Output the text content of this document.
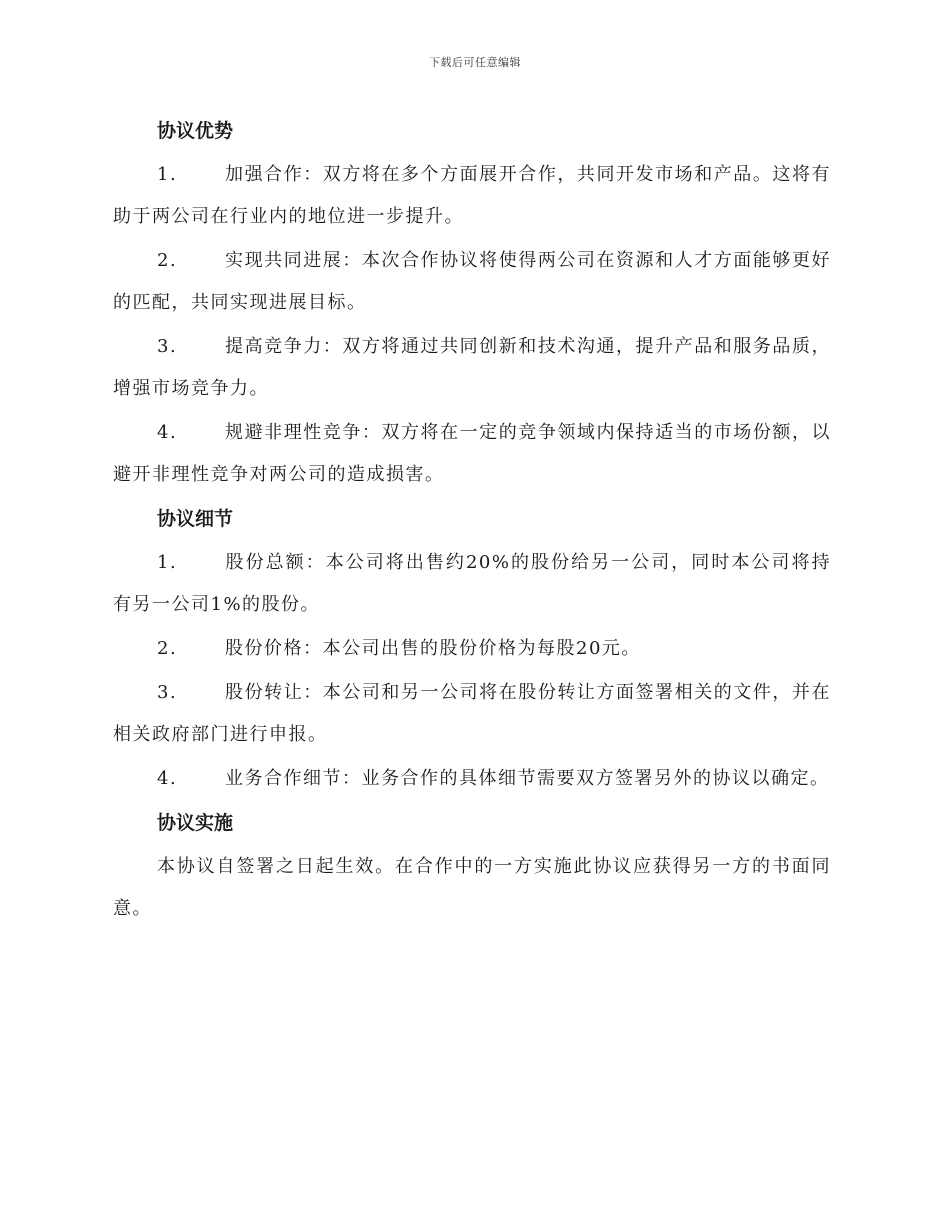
下载后可任意编辑
协议优势

1.	加强合作：双方将在多个方面展开合作，共同开发市场和产品。这将有助于两公司在行业内的地位进一步提升。

2.	实现共同进展：本次合作协议将使得两公司在资源和人才方面能够更好的匹配，共同实现进展目标。

3.	提高竞争力：双方将通过共同创新和技术沟通，提升产品和服务品质，增强市场竞争力。

4.	规避非理性竞争：双方将在一定的竞争领域内保持适当的市场份额，以避开非理性竞争对两公司的造成损害。

协议细节

1.	股份总额：本公司将出售约20%的股份给另一公司，同时本公司将持有另一公司1%的股份。

2.	股份价格：本公司出售的股份价格为每股20元。

3.	股份转让：本公司和另一公司将在股份转让方面签署相关的文件，并在相关政府部门进行申报。

4.	业务合作细节：业务合作的具体细节需要双方签署另外的协议以确定。

协议实施

本协议自签署之日起生效。在合作中的一方实施此协议应获得另一方的书面同意。
